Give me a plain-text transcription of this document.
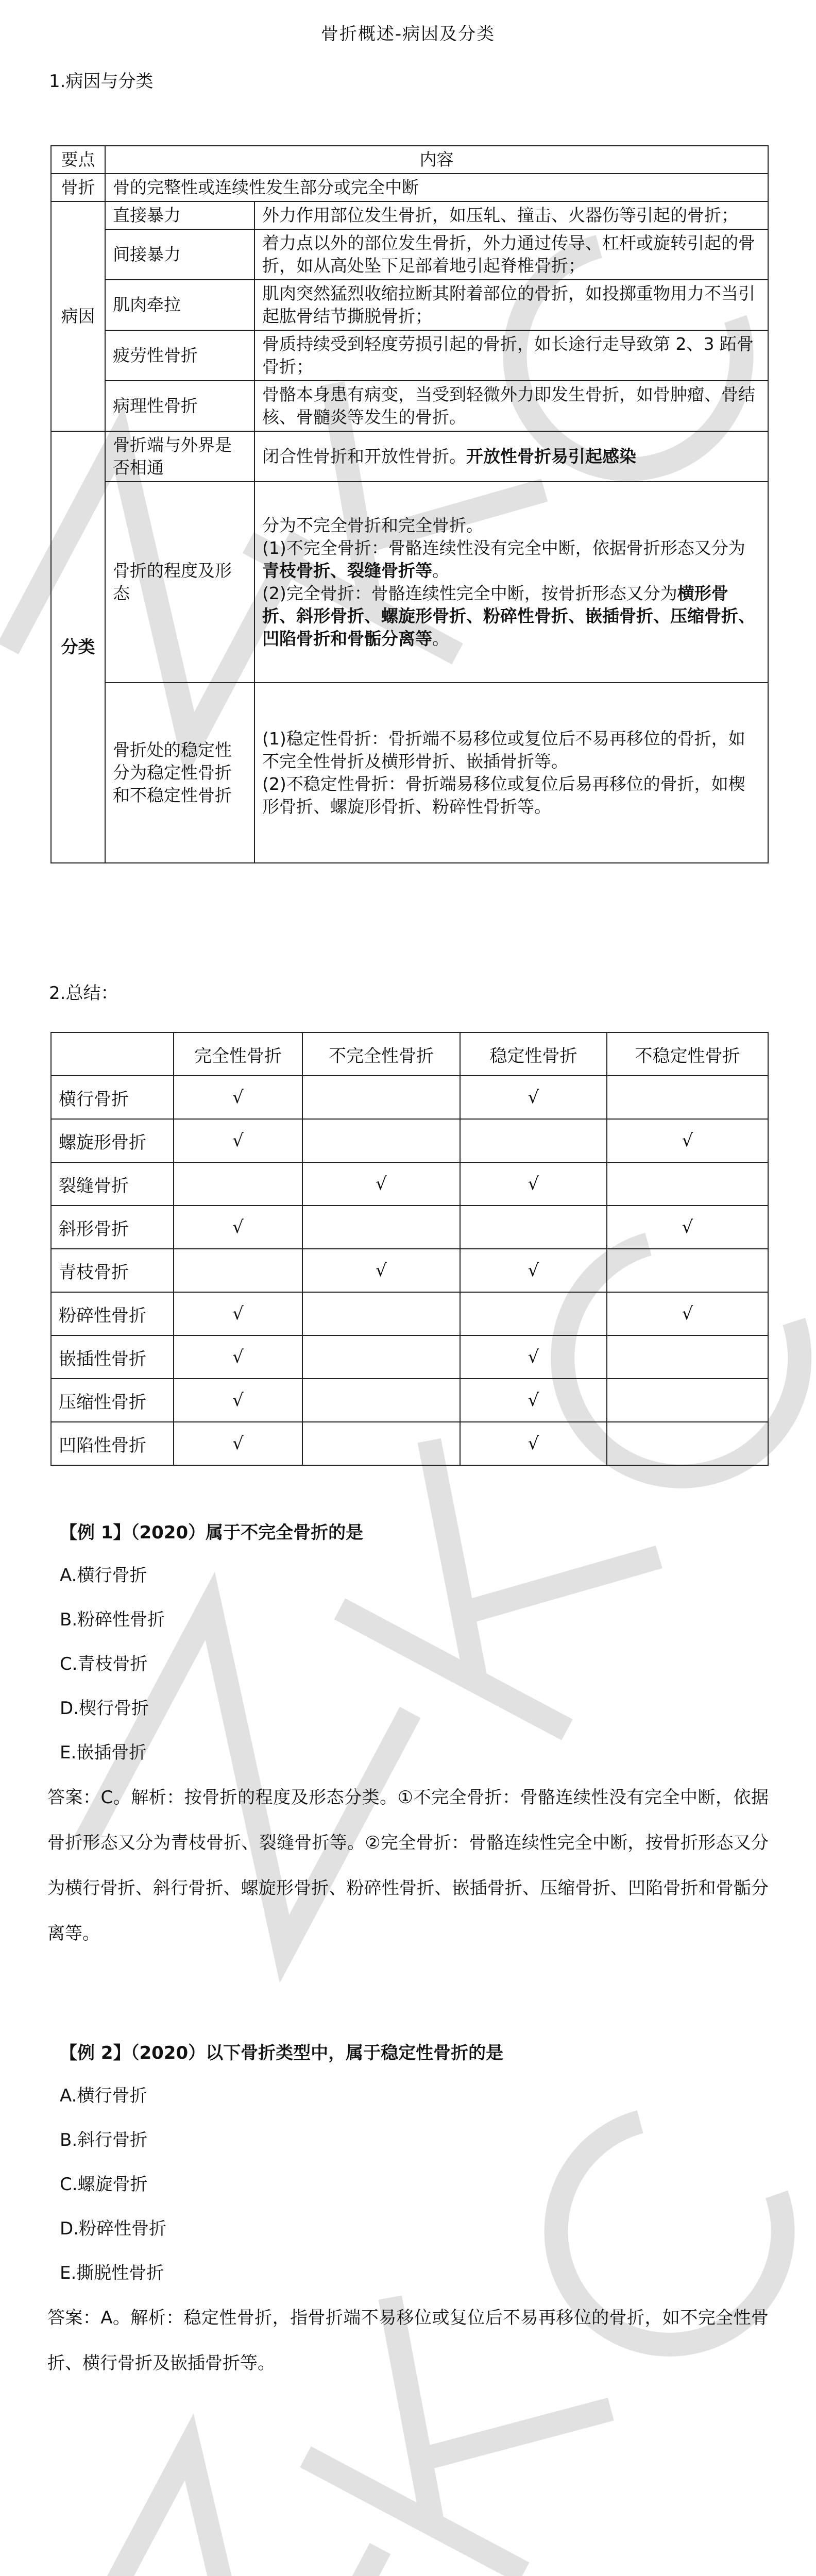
骨折概述-病因及分类
1.病因与分类
要点	内容	
骨折	骨的完整性或连续性发生部分或完全中断	
病因	直接暴力	外力作用部位发生骨折，如压轧、撞击、火器伤等引起的骨折；
	间接暴力	着力点以外的部位发生骨折，外力通过传导、杠杆或旋转引起的骨折，如从高处坠下足部着地引起脊椎骨折；
	肌肉牵拉	肌肉突然猛烈收缩拉断其附着部位的骨折，如投掷重物用力不当引起肱骨结节撕脱骨折；
	疲劳性骨折	骨质持续受到轻度劳损引起的骨折，如长途行走导致第 2、3 跖骨骨折；
	病理性骨折	骨骼本身患有病变，当受到轻微外力即发生骨折，如骨肿瘤、骨结核、骨髓炎等发生的骨折。
分类	骨折端与外界是否相通	闭合性骨折和开放性骨折。开放性骨折易引起感染
	骨折的程度及形态	分为不完全骨折和完全骨折。
(1)不完全骨折：骨骼连续性没有完全中断，依据骨折形态又分为青枝骨折、裂缝骨折等。
(2)完全骨折：骨骼连续性完全中断，按骨折形态又分为横形骨折、斜形骨折、螺旋形骨折、粉碎性骨折、嵌插骨折、压缩骨折、凹陷骨折和骨骺分离等。

	骨折处的稳定性分为稳定性骨折和不稳定性骨折	(1)稳定性骨折：骨折端不易移位或复位后不易再移位的骨折，如不完全性骨折及横形骨折、嵌插骨折等。
(2)不稳定性骨折：骨折端易移位或复位后易再移位的骨折，如楔形骨折、螺旋形骨折、粉碎性骨折等。
2.总结：
	完全性骨折	不完全性骨折	稳定性骨折	不稳定性骨折
横行骨折	√		√	
螺旋形骨折	√			√
裂缝骨折		√	√	
斜形骨折	√			√
青枝骨折		√	√	
粉碎性骨折	√			√
嵌插性骨折	√		√	
压缩性骨折	√		√	
凹陷性骨折	√		√	
【例 1】（2020）属于不完全骨折的是
A.横行骨折
B.粉碎性骨折
C.青枝骨折
D.楔行骨折
E.嵌插骨折
答案：C。解析：按骨折的程度及形态分类。①不完全骨折：骨骼连续性没有完全中断，依据骨折形态又分为青枝骨折、裂缝骨折等。②完全骨折：骨骼连续性完全中断，按骨折形态又分为横行骨折、斜行骨折、螺旋形骨折、粉碎性骨折、嵌插骨折、压缩骨折、凹陷骨折和骨骺分离等。
【例 2】（2020）以下骨折类型中，属于稳定性骨折的是
A.横行骨折
B.斜行骨折
C.螺旋骨折
D.粉碎性骨折
E.撕脱性骨折
答案：A。解析：稳定性骨折，指骨折端不易移位或复位后不易再移位的骨折，如不完全性骨折、横行骨折及嵌插骨折等。
